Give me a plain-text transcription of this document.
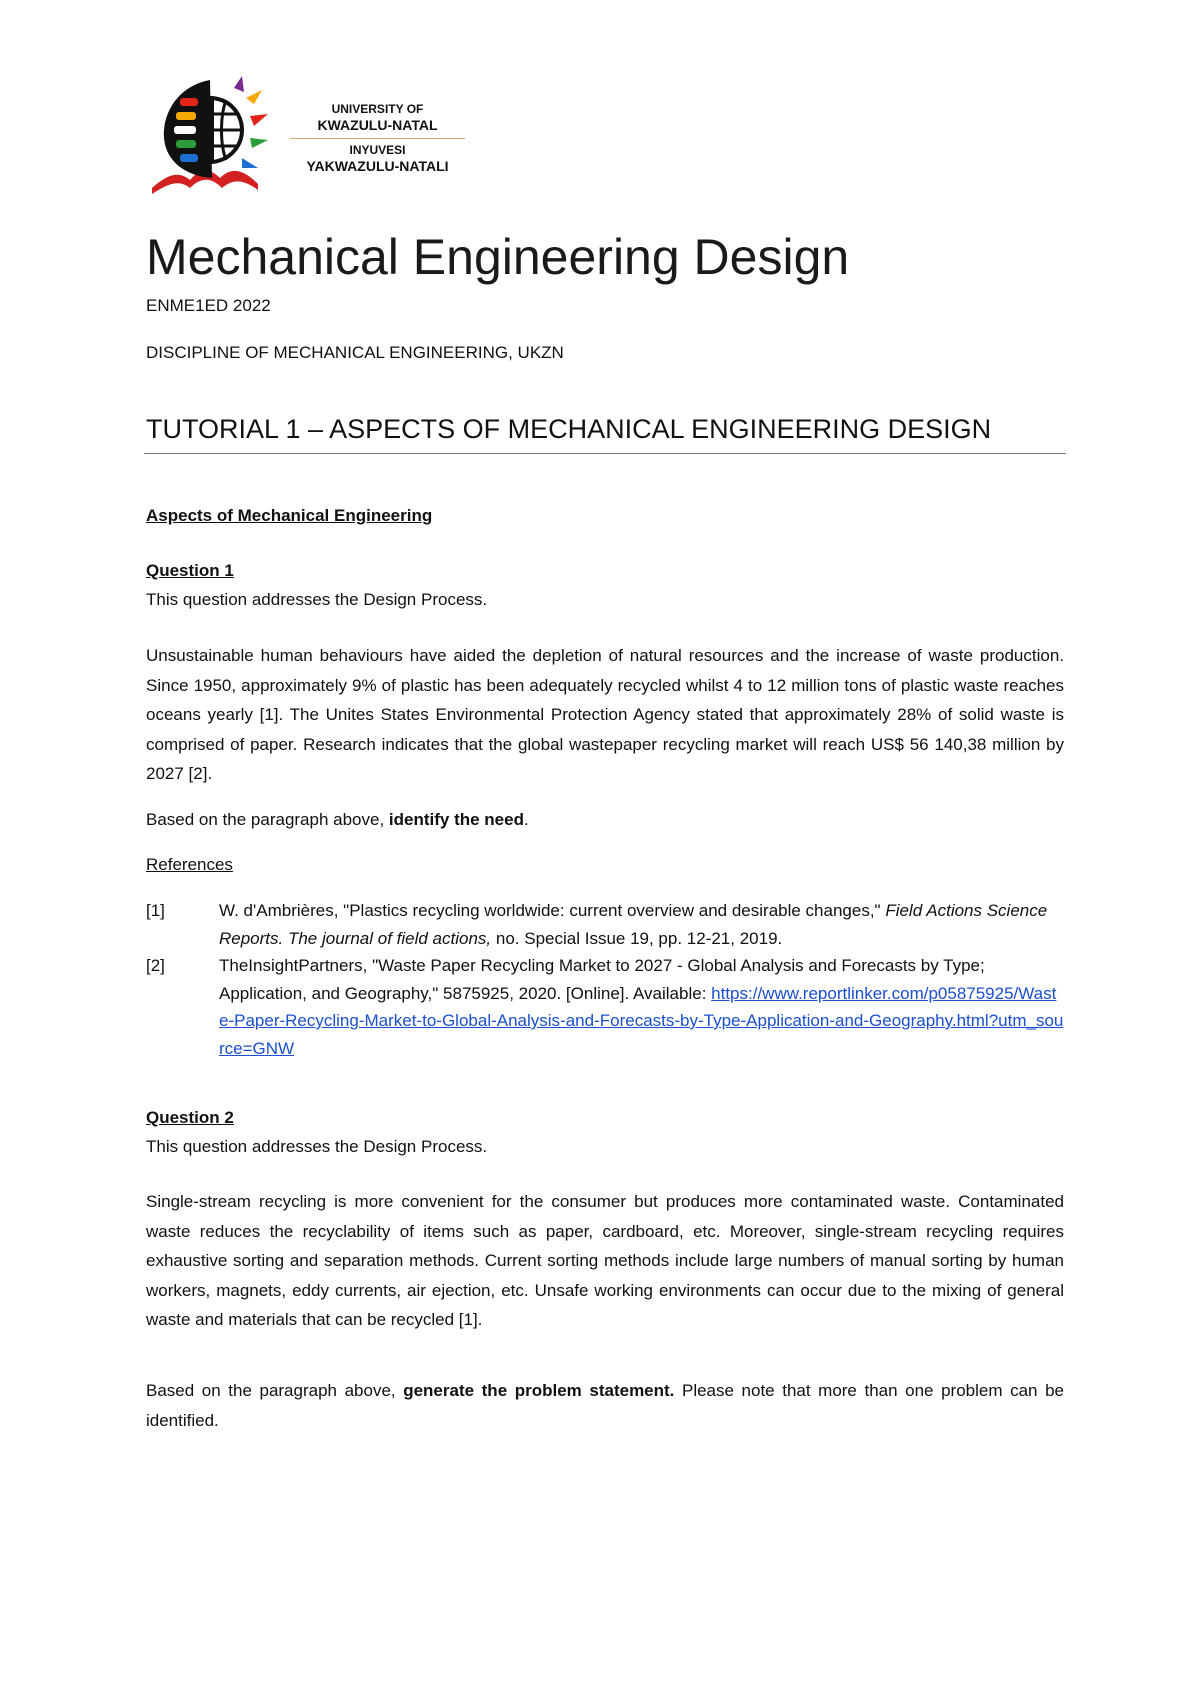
UNIVERSITY OF
KWAZULU-NATAL
INYUVESI
YAKWAZULU-NATALI
Mechanical Engineering Design
ENME1ED 2022
DISCIPLINE OF MECHANICAL ENGINEERING, UKZN
TUTORIAL 1 – ASPECTS OF MECHANICAL ENGINEERING DESIGN
Aspects of Mechanical Engineering
Question 1
This question addresses the Design Process.
Unsustainable human behaviours have aided the depletion of natural resources and the increase of waste production. Since 1950, approximately 9% of plastic has been adequately recycled whilst 4 to 12 million tons of plastic waste reaches oceans yearly [1]. The Unites States Environmental Protection Agency stated that approximately 28% of solid waste is comprised of paper. Research indicates that the global wastepaper recycling market will reach US$ 56 140,38 million by 2027 [2].
Based on the paragraph above, identify the need.
References
[1]	W. d'Ambrières, "Plastics recycling worldwide: current overview and desirable changes," Field Actions Science Reports. The journal of field actions, no. Special Issue 19, pp. 12-21, 2019.
[2]	TheInsightPartners, "Waste Paper Recycling Market to 2027 - Global Analysis and Forecasts by Type; Application, and Geography," 5875925, 2020. [Online]. Available: https://www.reportlinker.com/p05875925/Waste-Paper-Recycling-Market-to-Global-Analysis-and-Forecasts-by-Type-Application-and-Geography.html?utm_source=GNW
Question 2
This question addresses the Design Process.
Single-stream recycling is more convenient for the consumer but produces more contaminated waste. Contaminated waste reduces the recyclability of items such as paper, cardboard, etc. Moreover, single-stream recycling requires exhaustive sorting and separation methods. Current sorting methods include large numbers of manual sorting by human workers, magnets, eddy currents, air ejection, etc. Unsafe working environments can occur due to the mixing of general waste and materials that can be recycled [1].
Based on the paragraph above, generate the problem statement. Please note that more than one problem can be identified.
